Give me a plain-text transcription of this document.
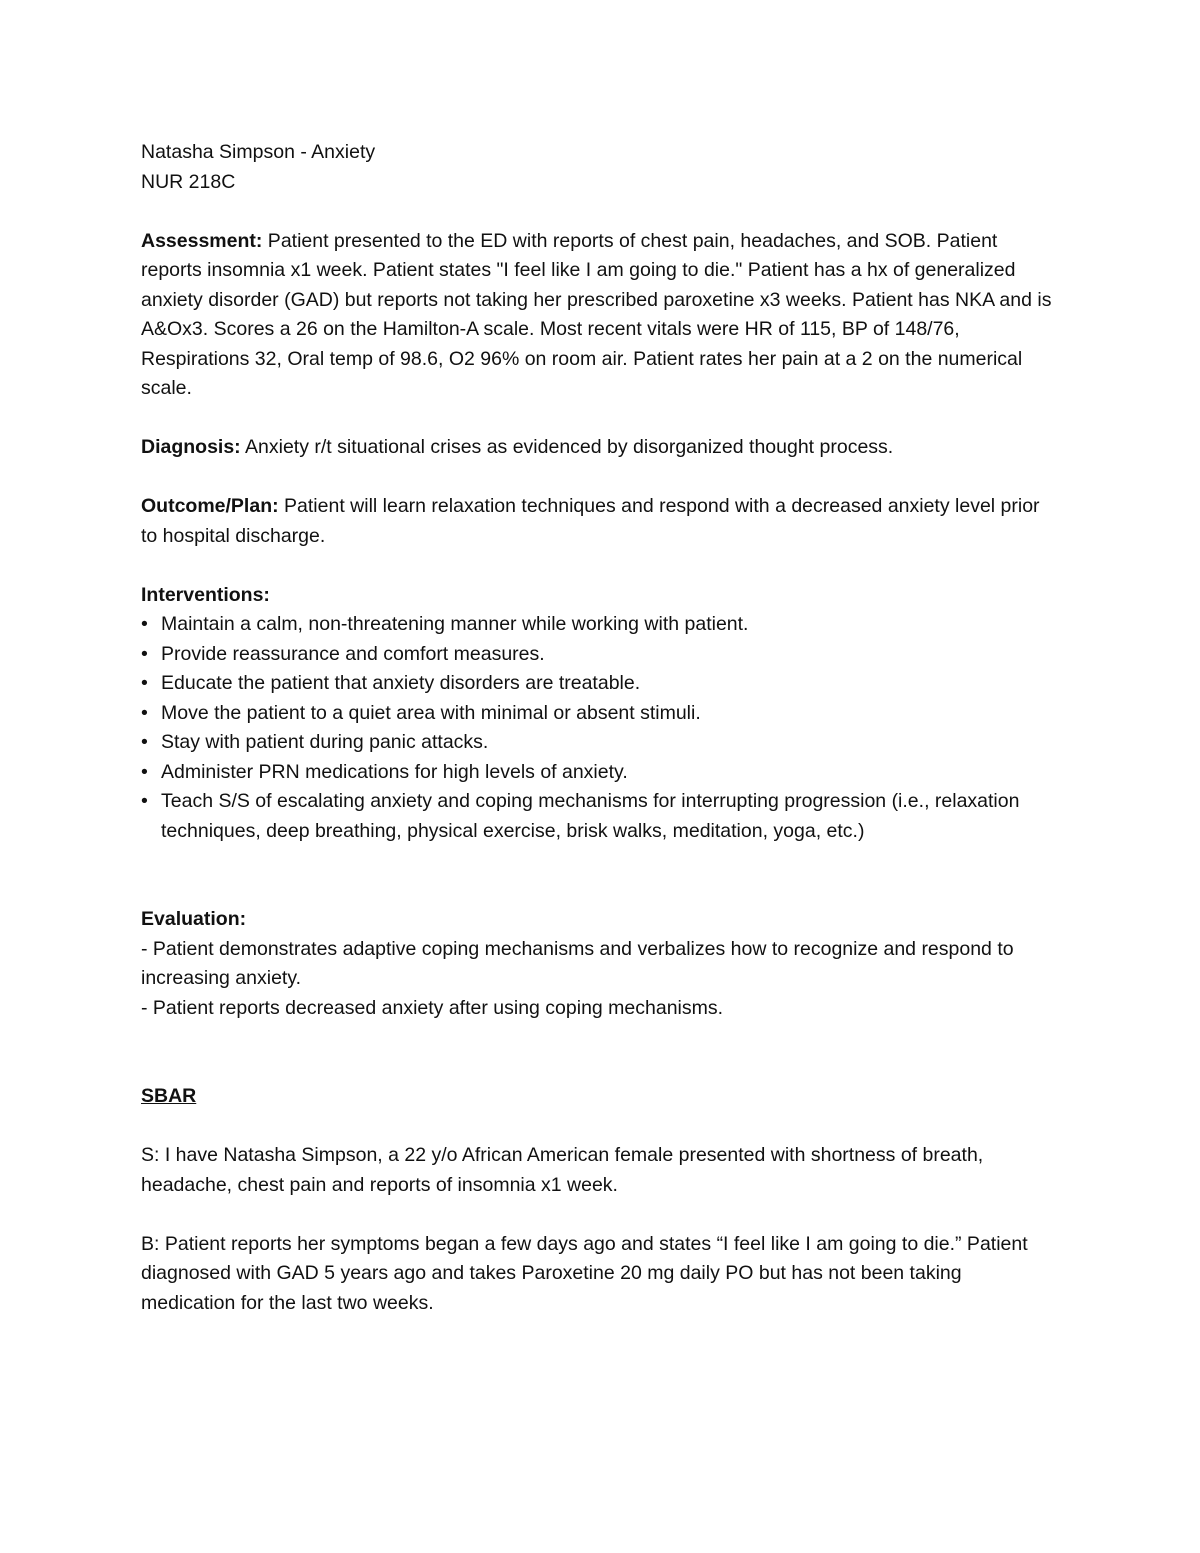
Natasha Simpson - Anxiety

NUR 218C

Assessment: Patient presented to the ED with reports of chest pain, headaches, and SOB. Patient reports insomnia x1 week. Patient states "I feel like I am going to die." Patient has a hx of generalized anxiety disorder (GAD) but reports not taking her prescribed paroxetine x3 weeks. Patient has NKA and is A&Ox3. Scores a 26 on the Hamilton-A scale. Most recent vitals were HR of 115, BP of 148/76, Respirations 32, Oral temp of 98.6, O2 96% on room air. Patient rates her pain at a 2 on the numerical scale.

Diagnosis: Anxiety r/t situational crises as evidenced by disorganized thought process.

Outcome/Plan: Patient will learn relaxation techniques and respond with a decreased anxiety level prior to hospital discharge.

Interventions:

• Maintain a calm, non-threatening manner while working with patient.
• Provide reassurance and comfort measures.
• Educate the patient that anxiety disorders are treatable.
• Move the patient to a quiet area with minimal or absent stimuli.
• Stay with patient during panic attacks.
• Administer PRN medications for high levels of anxiety.
• Teach S/S of escalating anxiety and coping mechanisms for interrupting progression (i.e., relaxation techniques, deep breathing, physical exercise, brisk walks, meditation, yoga, etc.)

Evaluation:

- Patient demonstrates adaptive coping mechanisms and verbalizes how to recognize and respond to increasing anxiety.

- Patient reports decreased anxiety after using coping mechanisms.

SBAR

S: I have Natasha Simpson, a 22 y/o African American female presented with shortness of breath, headache, chest pain and reports of insomnia x1 week.

B: Patient reports her symptoms began a few days ago and states “I feel like I am going to die.” Patient diagnosed with GAD 5 years ago and takes Paroxetine 20 mg daily PO but has not been taking medication for the last two weeks.
